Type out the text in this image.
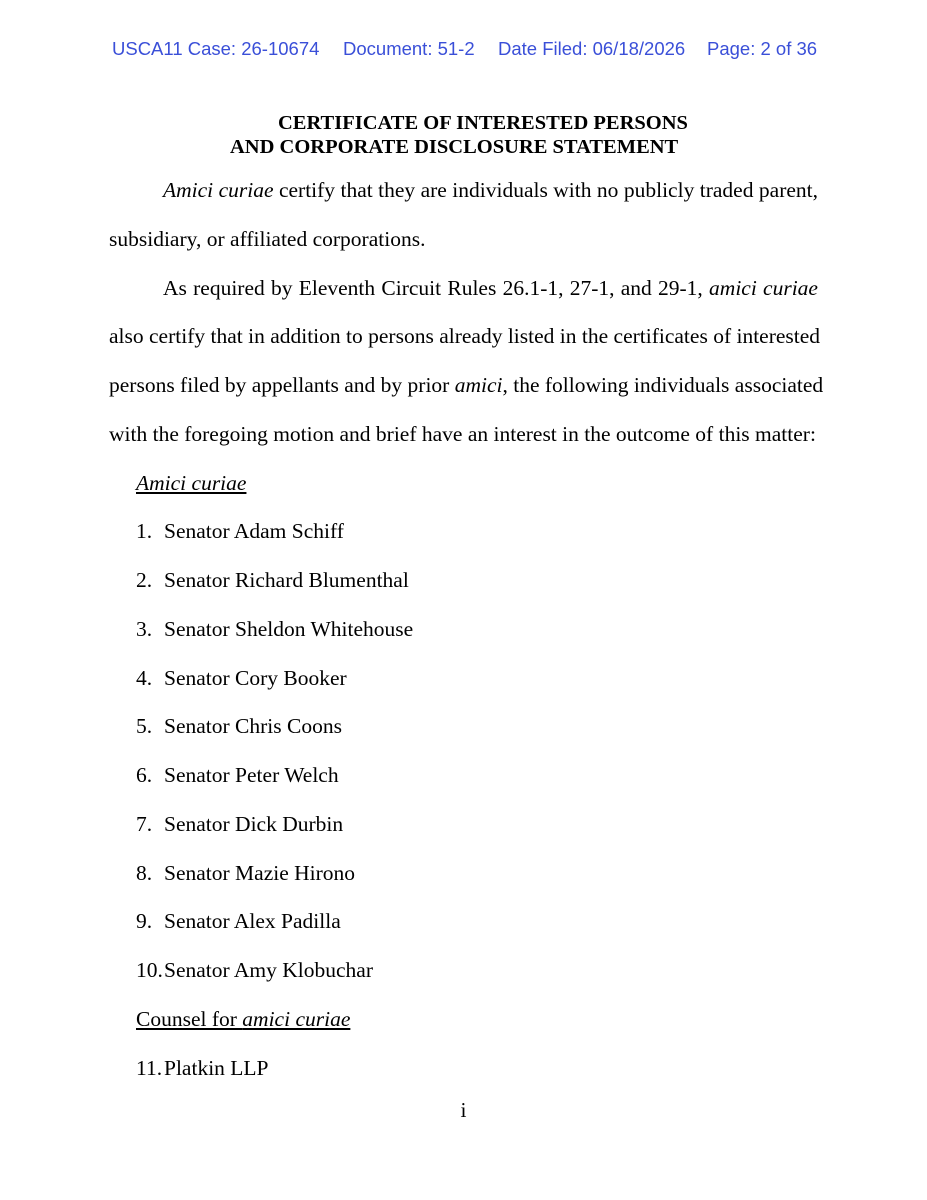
USCA11 Case: 26-10674 Document: 51-2 Date Filed: 06/18/2026 Page: 2 of 36
CERTIFICATE OF INTERESTED PERSONS
AND CORPORATE DISCLOSURE STATEMENT
Amici curiae certify that they are individuals with no publicly traded parent,
subsidiary, or affiliated corporations.
As required by Eleventh Circuit Rules 26.1-1, 27-1, and 29-1, amici curiae
also certify that in addition to persons already listed in the certificates of interested
persons filed by appellants and by prior amici, the following individuals associated
with the foregoing motion and brief have an interest in the outcome of this matter:
Amici curiae
1. Senator Adam Schiff
2. Senator Richard Blumenthal
3. Senator Sheldon Whitehouse
4. Senator Cory Booker
5. Senator Chris Coons
6. Senator Peter Welch
7. Senator Dick Durbin
8. Senator Mazie Hirono
9. Senator Alex Padilla
10.Senator Amy Klobuchar
Counsel for amici curiae
11.Platkin LLP
i
